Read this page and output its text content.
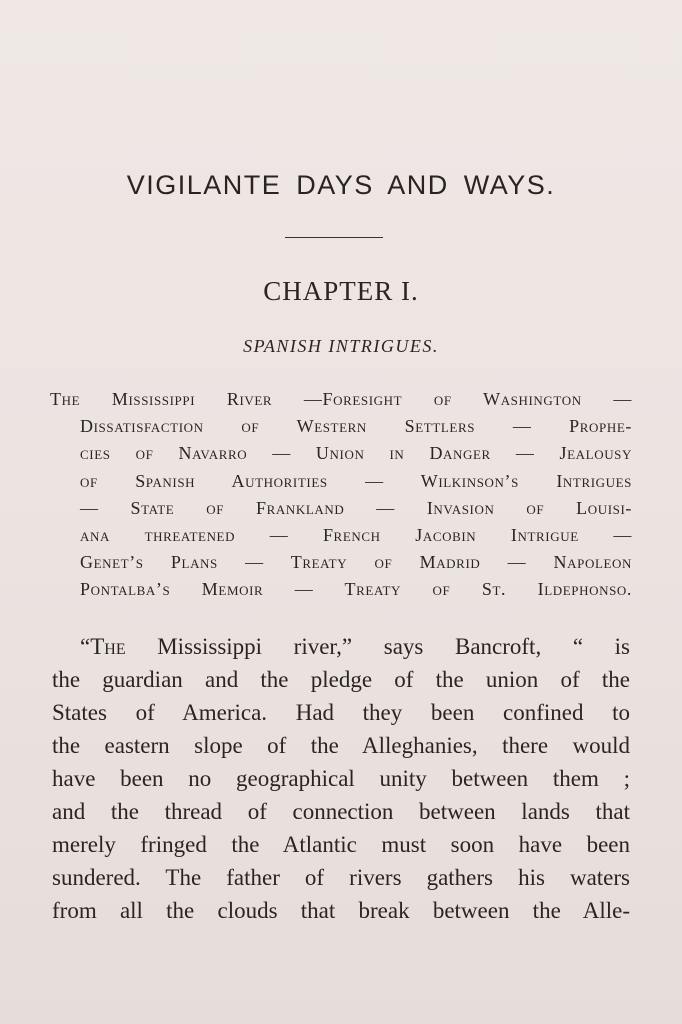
VIGILANTE DAYS AND WAYS.
CHAPTER I.
SPANISH INTRIGUES.
The Mississippi River —Foresight of Washington —
Dissatisfaction of Western Settlers — Prophe-
cies of Navarro — Union in Danger — Jealousy
of Spanish Authorities — Wilkinson’s Intrigues
— State of Frankland — Invasion of Louisi-
ana threatened — French Jacobin Intrigue —
Genet’s Plans — Treaty of Madrid — Napoleon
Pontalba’s Memoir — Treaty of St. Ildephonso.
“The Mississippi river,” says Bancroft, “ is
the guardian and the pledge of the union of the
States of America. Had they been confined to
the eastern slope of the Alleghanies, there would
have been no geographical unity between them ;
and the thread of connection between lands that
merely fringed the Atlantic must soon have been
sundered. The father of rivers gathers his waters
from all the clouds that break between the Alle-
